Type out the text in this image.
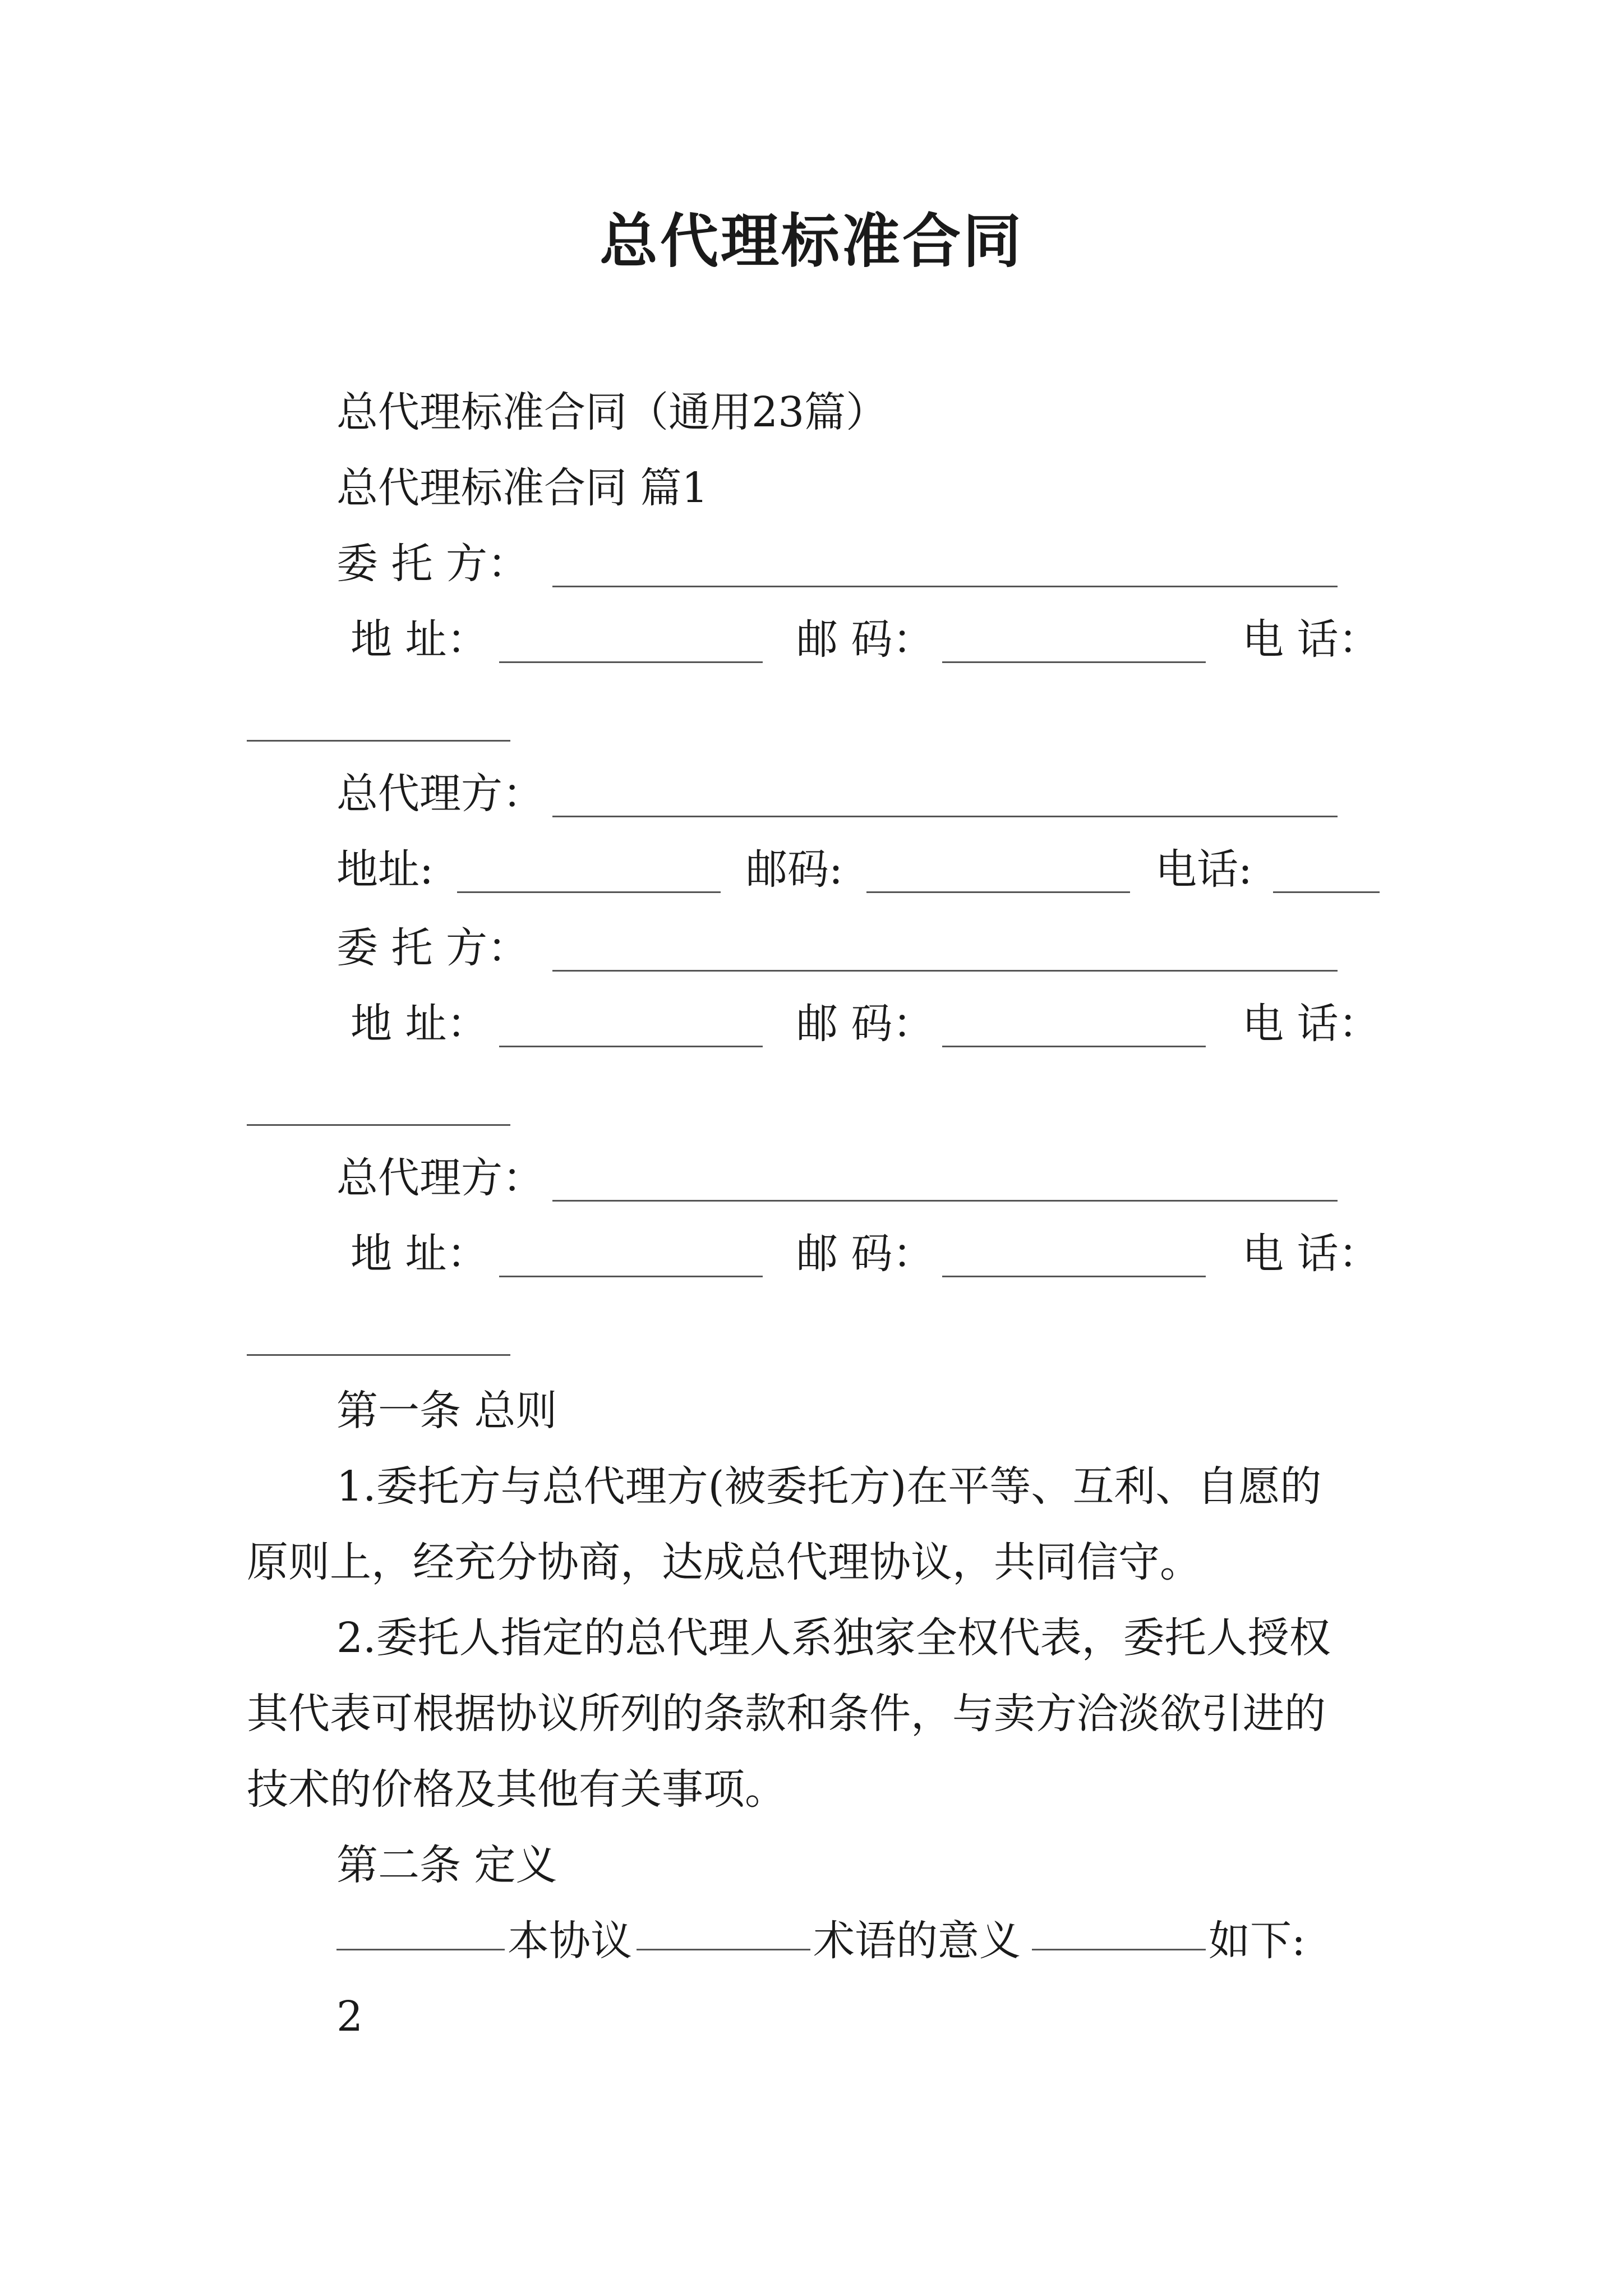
总代理标准合同
总代理标准合同（通用23篇）
总代理标准合同 篇1
委 托 方：
地 址：	邮 码：	电 话：
总代理方：
地址:	邮码:	电话:
委 托 方：
地 址：	邮 码：	电 话：
总代理方：
地 址：	邮 码：	电 话：
第一条 总则
1.委托方与总代理方(被委托方)在平等、互利、自愿的
原则上，经充分协商，达成总代理协议，共同信守。
2.委托人指定的总代理人系独家全权代表，委托人授权
其代表可根据协议所列的条款和条件，与卖方洽淡欲引进的
技术的价格及其他有关事项。
第二条 定义
本协议	术语的意义	如下:
2
